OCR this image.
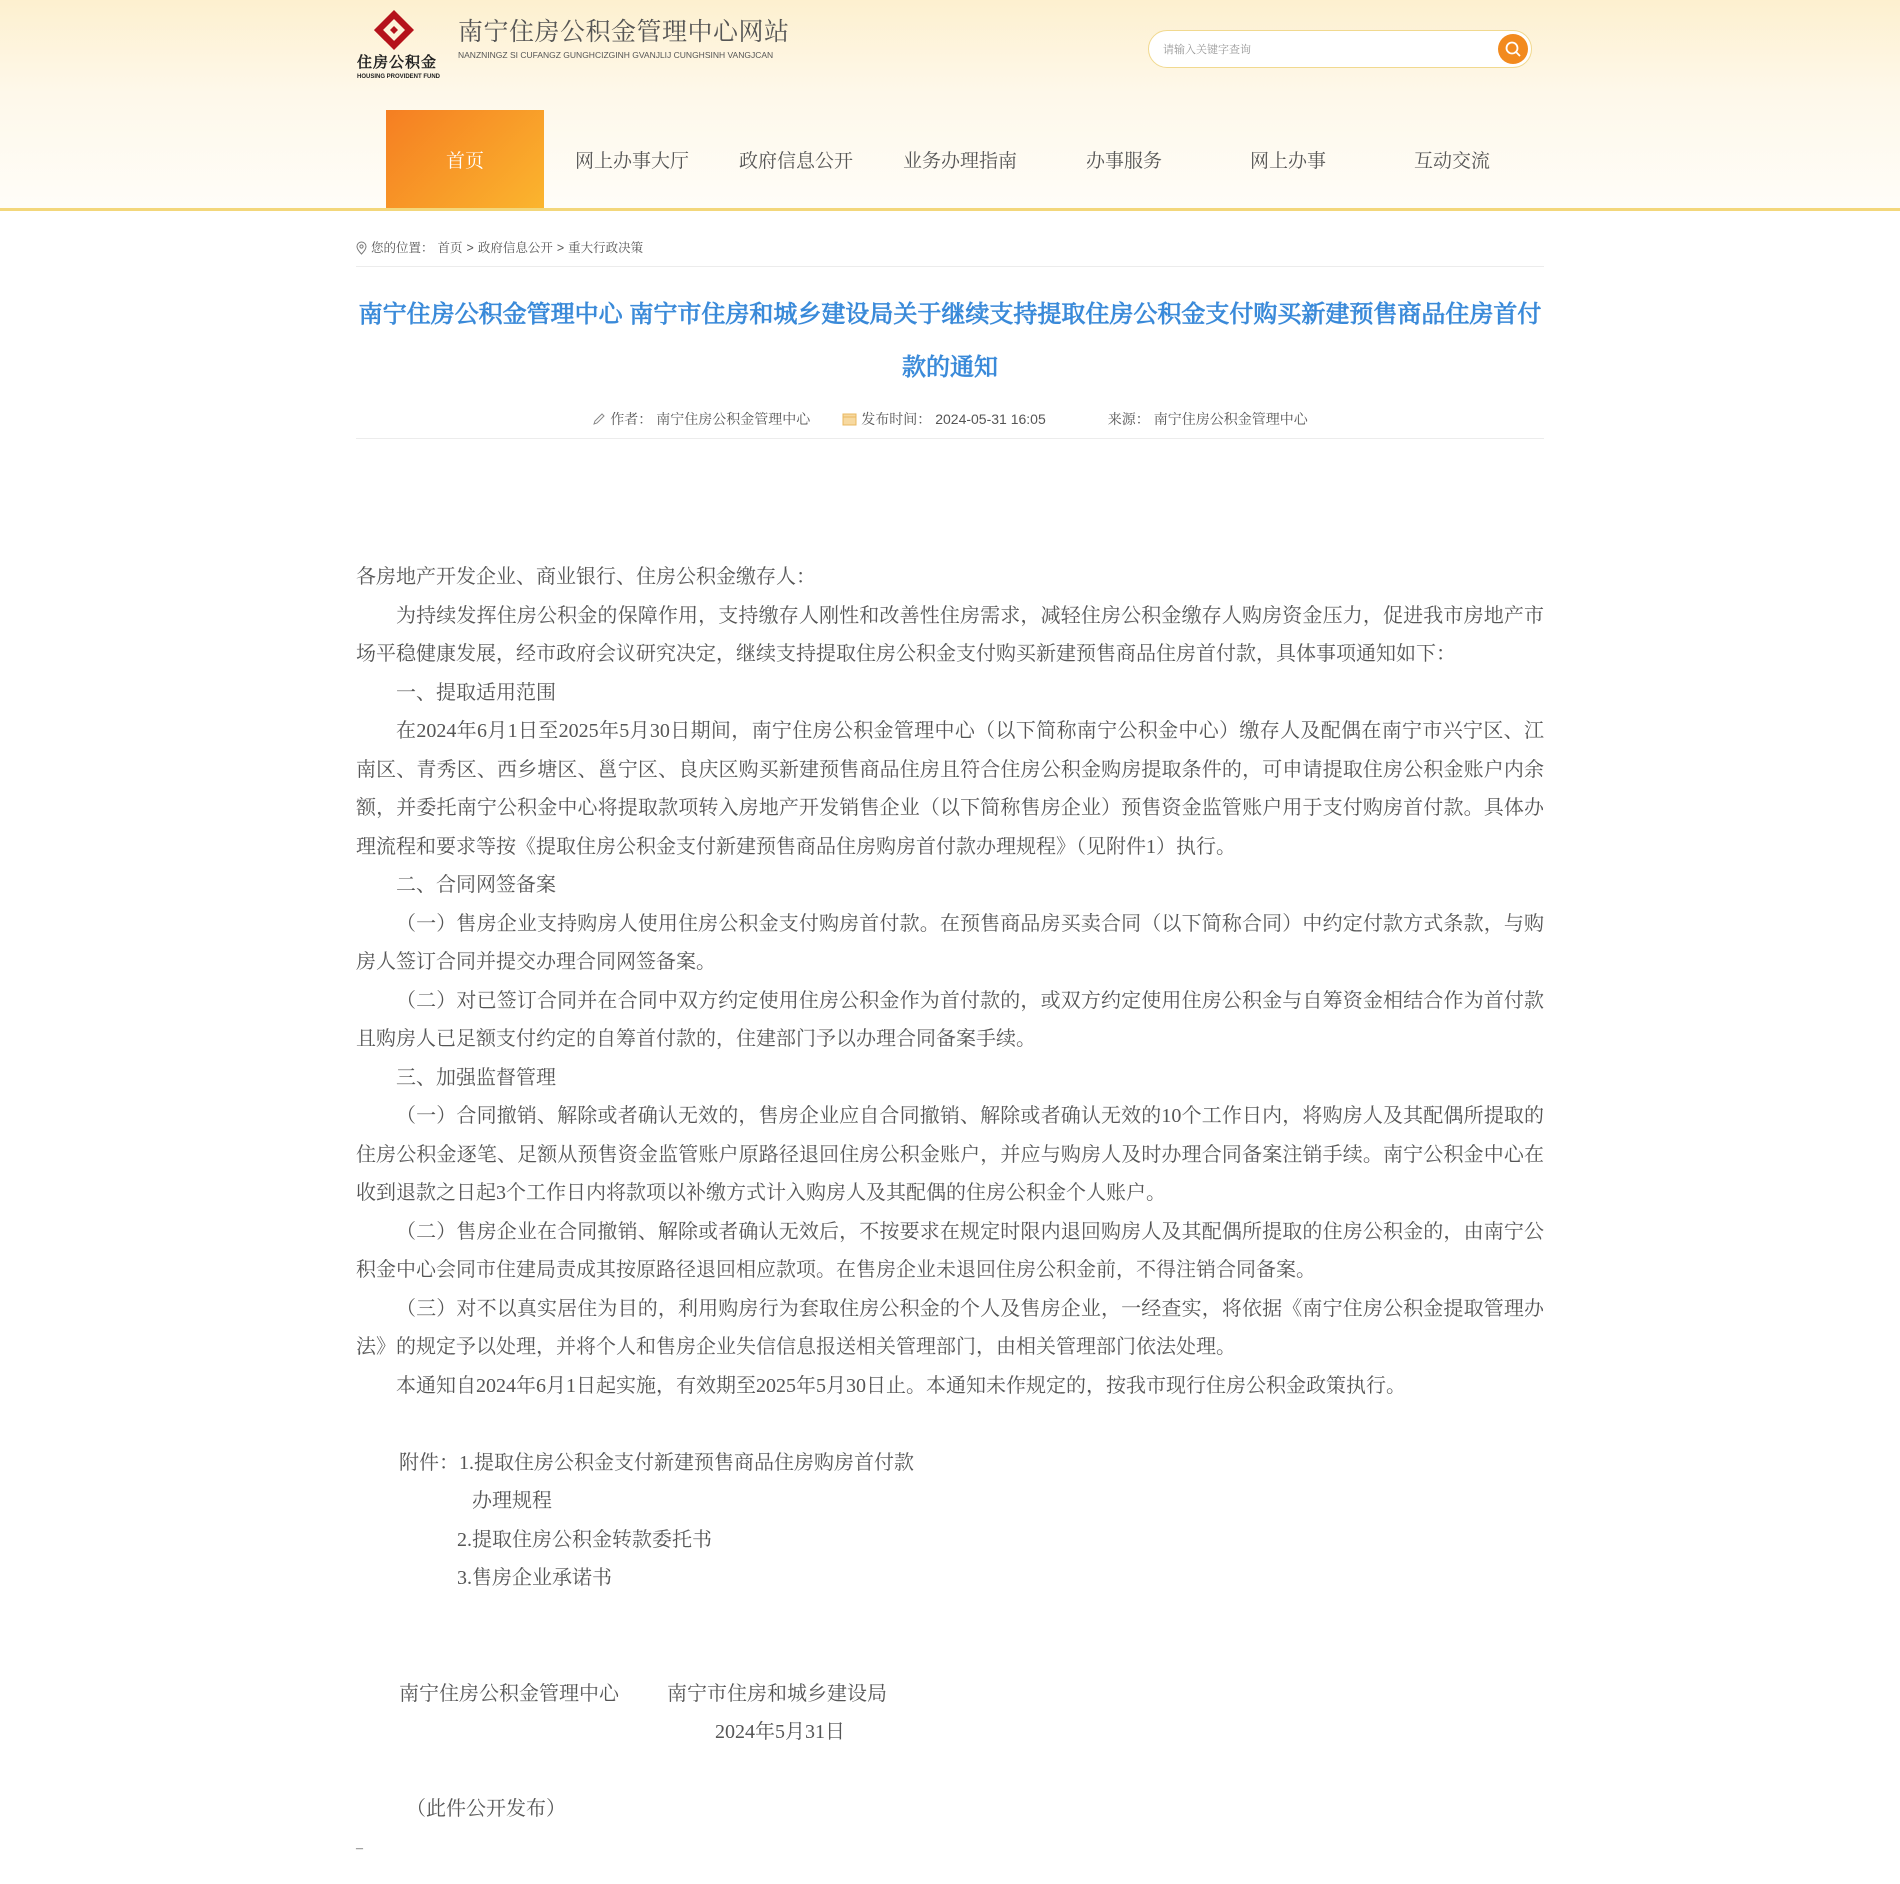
住房公积金
HOUSING PROVIDENT FUND
南宁住房公积金管理中心网站
NANZNINGZ SI CUFANGZ GUNGHCIZGINH GVANJLIJ CUNGHSINH VANGJCAN
请输入关键字查询
首页	网上办事大厅	政府信息公开	业务办理指南	办事服务	网上办事	互动交流
您的位置： 首页 > 政府信息公开 > 重大行政决策
南宁住房公积金管理中心 南宁市住房和城乡建设局关于继续支持提取住房公积金支付购买新建预售商品住房首付款的通知
作者： 南宁住房公积金管理中心	发布时间： 2024-05-31 16:05	来源： 南宁住房公积金管理中心

各房地产开发企业、商业银行、住房公积金缴存人：

为持续发挥住房公积金的保障作用，支持缴存人刚性和改善性住房需求，减轻住房公积金缴存人购房资金压力，促进我市房地产市场平稳健康发展，经市政府会议研究决定，继续支持提取住房公积金支付购买新建预售商品住房首付款，具体事项通知如下：

一、提取适用范围

在2024年6月1日至2025年5月30日期间，南宁住房公积金管理中心（以下简称南宁公积金中心）缴存人及配偶在南宁市兴宁区、江南区、青秀区、西乡塘区、邕宁区、良庆区购买新建预售商品住房且符合住房公积金购房提取条件的，可申请提取住房公积金账户内余额，并委托南宁公积金中心将提取款项转入房地产开发销售企业（以下简称售房企业）预售资金监管账户用于支付购房首付款。具体办理流程和要求等按《提取住房公积金支付新建预售商品住房购房首付款办理规程》（见附件1）执行。

二、合同网签备案

（一）售房企业支持购房人使用住房公积金支付购房首付款。在预售商品房买卖合同（以下简称合同）中约定付款方式条款，与购房人签订合同并提交办理合同网签备案。

（二）对已签订合同并在合同中双方约定使用住房公积金作为首付款的，或双方约定使用住房公积金与自筹资金相结合作为首付款且购房人已足额支付约定的自筹首付款的，住建部门予以办理合同备案手续。

三、加强监督管理

（一）合同撤销、解除或者确认无效的，售房企业应自合同撤销、解除或者确认无效的10个工作日内，将购房人及其配偶所提取的住房公积金逐笔、足额从预售资金监管账户原路径退回住房公积金账户，并应与购房人及时办理合同备案注销手续。南宁公积金中心在收到退款之日起3个工作日内将款项以补缴方式计入购房人及其配偶的住房公积金个人账户。

（二）售房企业在合同撤销、解除或者确认无效后，不按要求在规定时限内退回购房人及其配偶所提取的住房公积金的，由南宁公积金中心会同市住建局责成其按原路径退回相应款项。在售房企业未退回住房公积金前，不得注销合同备案。

（三）对不以真实居住为目的，利用购房行为套取住房公积金的个人及售房企业，一经查实，将依据《南宁住房公积金提取管理办法》的规定予以处理，并将个人和售房企业失信信息报送相关管理部门，由相关管理部门依法处理。

本通知自2024年6月1日起实施，有效期至2025年5月30日止。本通知未作规定的，按我市现行住房公积金政策执行。

附件：1.提取住房公积金支付新建预售商品住房购房首付款
办理规程
2.提取住房公积金转款委托书
3.售房企业承诺书
南宁住房公积金管理中心 南宁市住房和城乡建设局
2024年5月31日
（此件公开发布）
–
